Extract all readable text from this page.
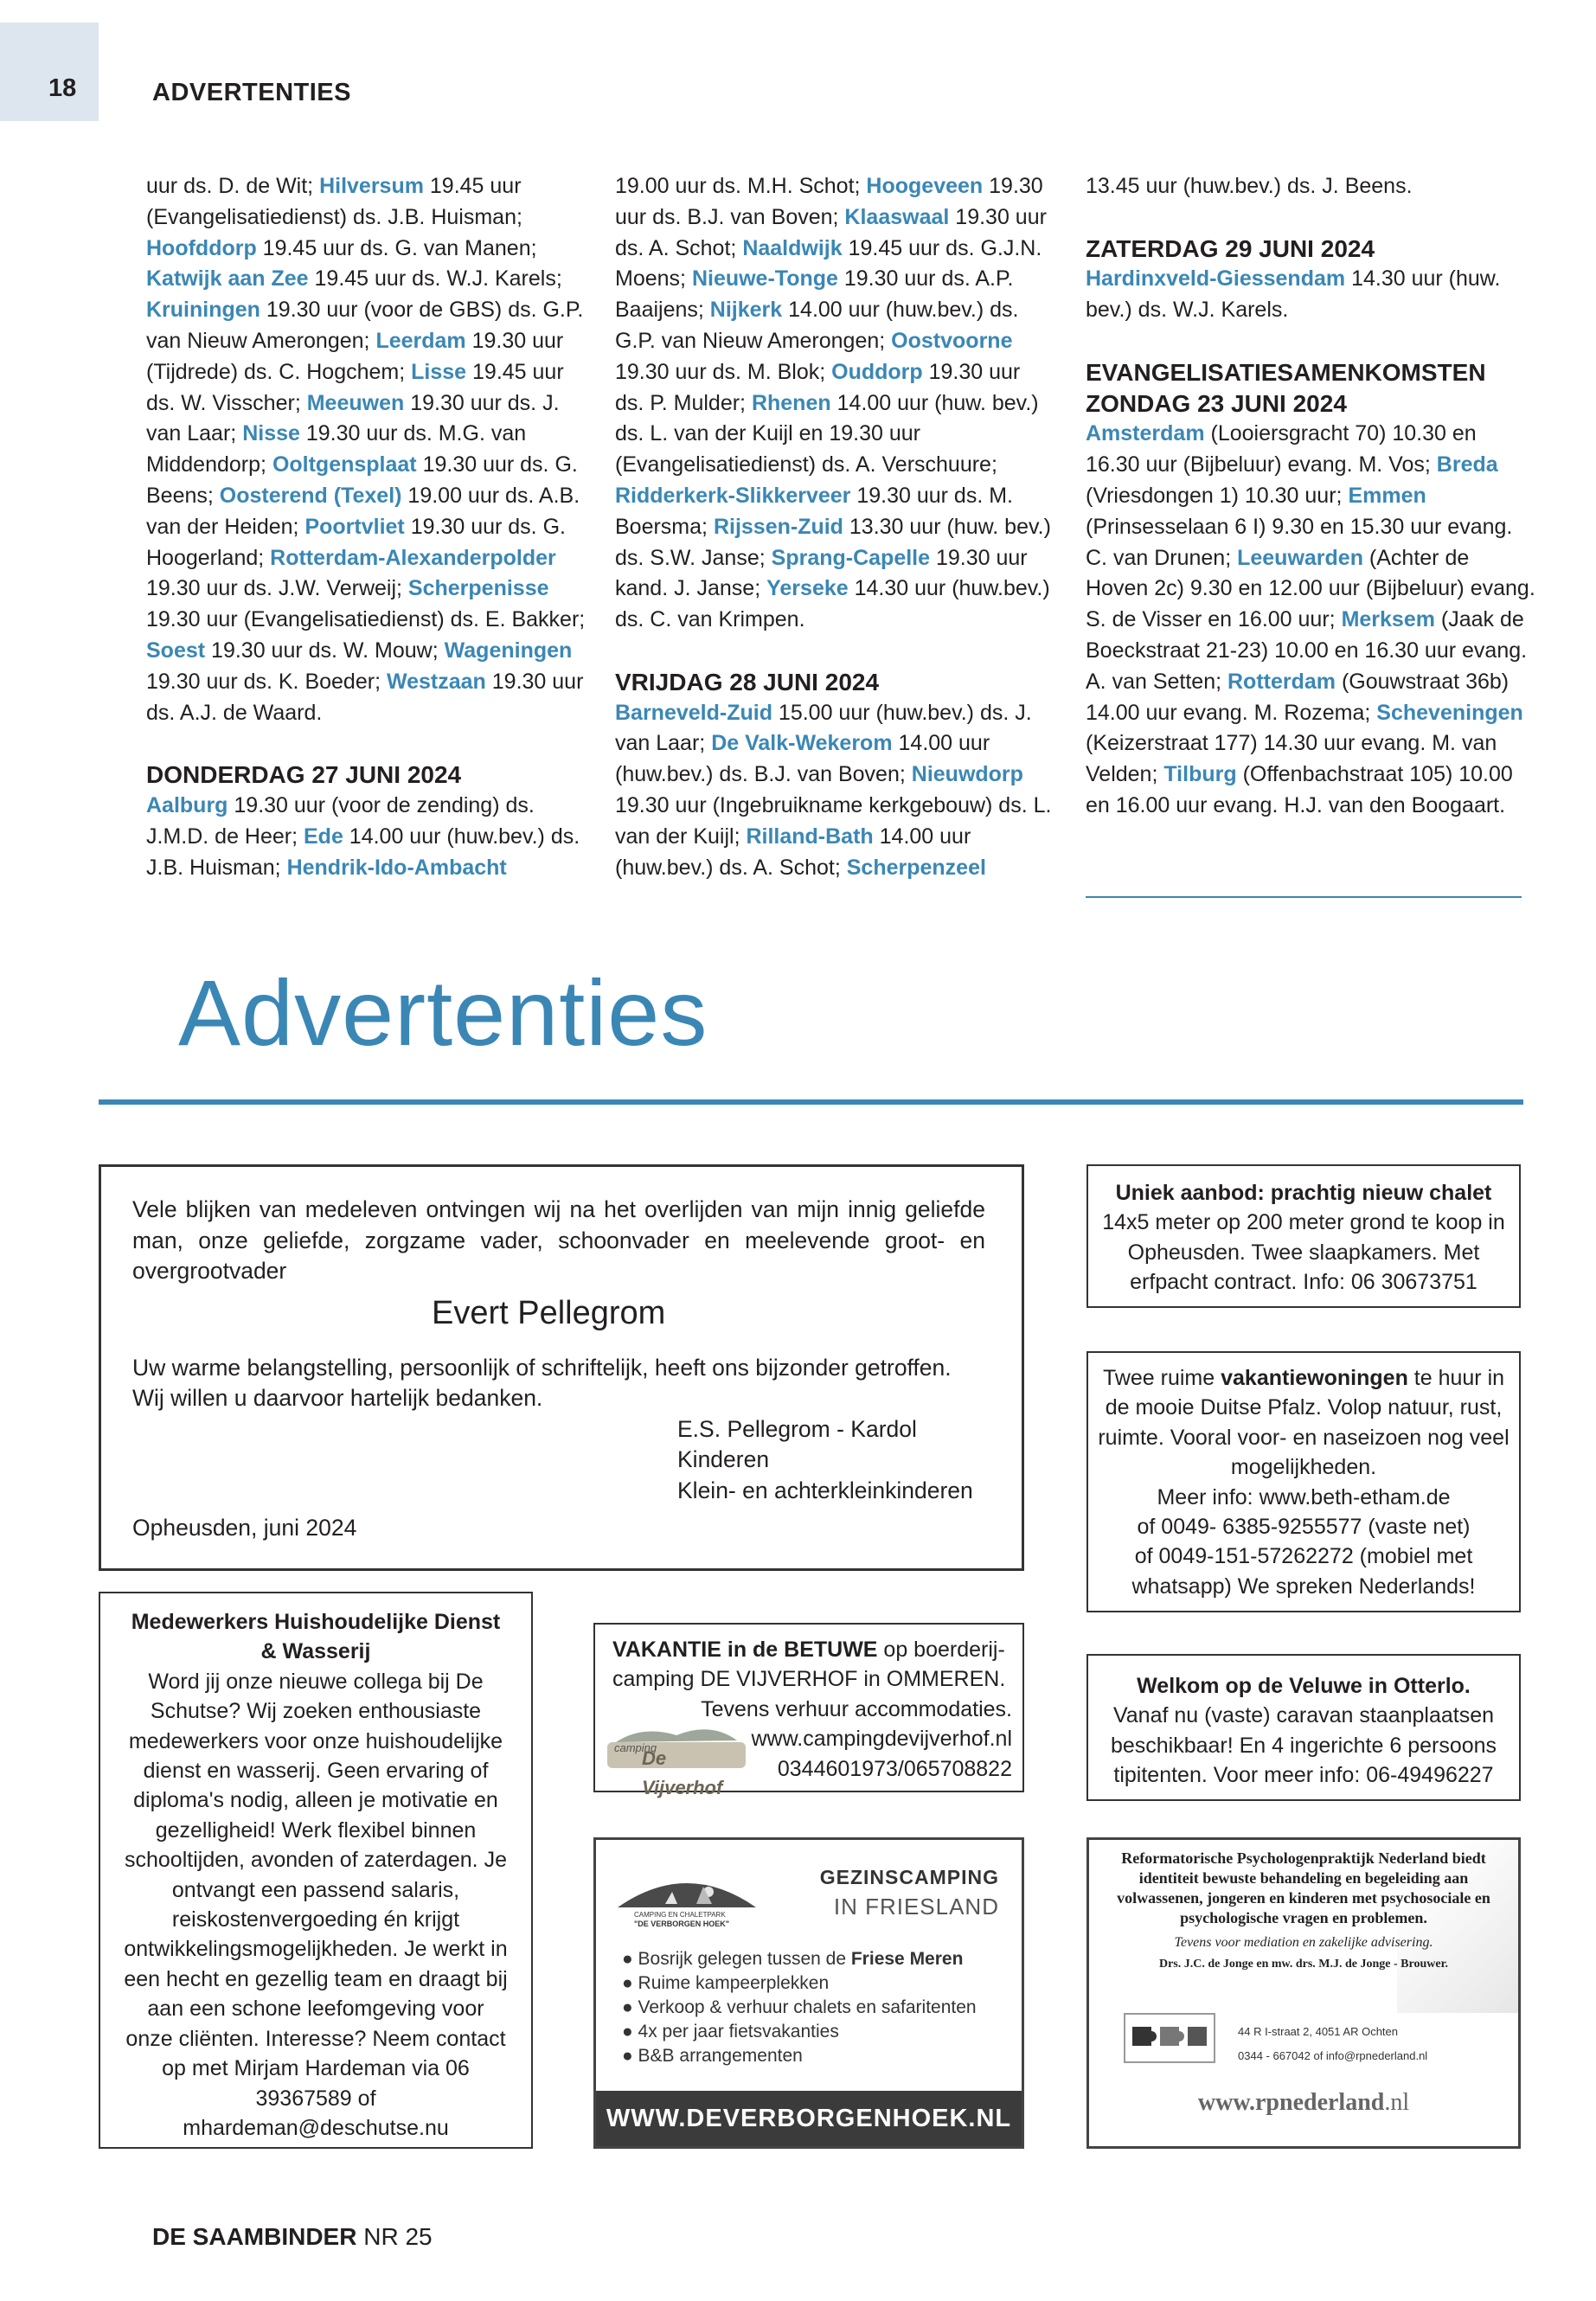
18	ADVERTENTIES
uur ds. D. de Wit; Hilversum 19.45 uur (Evangelisatiedienst) ds. J.B. Huisman; Hoofddorp 19.45 uur ds. G. van Manen; Katwijk aan Zee 19.45 uur ds. W.J. Karels; Kruiningen 19.30 uur (voor de GBS) ds. G.P. van Nieuw Amerongen; Leerdam 19.30 uur (Tijdrede) ds. C. Hogchem; Lisse 19.45 uur ds. W. Visscher; Meeuwen 19.30 uur ds. J. van Laar; Nisse 19.30 uur ds. M.G. van Middendorp; Ooltgensplaat 19.30 uur ds. G. Beens; Oosterend (Texel) 19.00 uur ds. A.B. van der Heiden; Poortvliet 19.30 uur ds. G. Hoogerland; Rotterdam-Alexanderpolder 19.30 uur ds. J.W. Verweij; Scherpenisse 19.30 uur (Evangelisatiedienst) ds. E. Bakker; Soest 19.30 uur ds. W. Mouw; Wageningen 19.30 uur ds. K. Boeder; Westzaan 19.30 uur ds. A.J. de Waard.
DONDERDAG 27 JUNI 2024
Aalburg 19.30 uur (voor de zending) ds. J.M.D. de Heer; Ede 14.00 uur (huw.bev.) ds. J.B. Huisman; Hendrik-Ido-Ambacht
19.00 uur ds. M.H. Schot; Hoogeveen 19.30 uur ds. B.J. van Boven; Klaaswaal 19.30 uur ds. A. Schot; Naaldwijk 19.45 uur ds. G.J.N. Moens; Nieuwe-Tonge 19.30 uur ds. A.P. Baaijens; Nijkerk 14.00 uur (huw.bev.) ds. G.P. van Nieuw Amerongen; Oostvoorne 19.30 uur ds. M. Blok; Ouddorp 19.30 uur ds. P. Mulder; Rhenen 14.00 uur (huw. bev.) ds. L. van der Kuijl en 19.30 uur (Evangelisatiedienst) ds. A. Verschuure; Ridderkerk-Slikkerveer 19.30 uur ds. M. Boersma; Rijssen-Zuid 13.30 uur (huw. bev.) ds. S.W. Janse; Sprang-Capelle 19.30 uur kand. J. Janse; Yerseke 14.30 uur (huw.bev.) ds. C. van Krimpen.
VRIJDAG 28 JUNI 2024
Barneveld-Zuid 15.00 uur (huw.bev.) ds. J. van Laar; De Valk-Wekerom 14.00 uur (huw.bev.) ds. B.J. van Boven; Nieuwdorp 19.30 uur (Ingebruikname kerkgebouw) ds. L. van der Kuijl; Rilland-Bath 14.00 uur (huw.bev.) ds. A. Schot; Scherpenzeel
13.45 uur (huw.bev.) ds. J. Beens.
ZATERDAG 29 JUNI 2024
Hardinxveld-Giessendam 14.30 uur (huw. bev.) ds. W.J. Karels.
EVANGELISATIESAMENKOMSTEN
ZONDAG 23 JUNI 2024
Amsterdam (Looiersgracht 70) 10.30 en 16.30 uur (Bijbeluur) evang. M. Vos; Breda (Vriesdongen 1) 10.30 uur; Emmen (Prinsesselaan 6 I) 9.30 en 15.30 uur evang. C. van Drunen; Leeuwarden (Achter de Hoven 2c) 9.30 en 12.00 uur (Bijbeluur) evang. S. de Visser en 16.00 uur; Merksem (Jaak de Boeckstraat 21-23) 10.00 en 16.30 uur evang. A. van Setten; Rotterdam (Gouwstraat 36b) 14.00 uur evang. M. Rozema; Scheveningen (Keizerstraat 177) 14.30 uur evang. M. van Velden; Tilburg (Offenbachstraat 105) 10.00 en 16.00 uur evang. H.J. van den Boogaart.
Advertenties
Vele blijken van medeleven ontvingen wij na het overlijden van mijn innig geliefde man, onze geliefde, zorgzame vader, schoonvader en meelevende groot- en overgrootvader
Evert Pellegrom
Uw warme belangstelling, persoonlijk of schriftelijk, heeft ons bijzonder getroffen. Wij willen u daarvoor hartelijk bedanken.
E.S. Pellegrom - Kardol
Kinderen
Klein- en achterkleinkinderen
Opheusden, juni 2024
Uniek aanbod: prachtig nieuw chalet
14x5 meter op 200 meter grond te koop in Opheusden. Twee slaapkamers. Met erfpacht contract. Info: 06 30673751
Twee ruime vakantiewoningen te huur in de mooie Duitse Pfalz. Volop natuur, rust, ruimte. Vooral voor- en naseizoen nog veel mogelijkheden.
Meer info: www.beth-etham.de
of 0049- 6385-9255577 (vaste net)
of 0049-151-57262272 (mobiel met whatsapp) We spreken Nederlands!
Medewerkers Huishoudelijke Dienst & Wasserij
Word jij onze nieuwe collega bij De Schutse? Wij zoeken enthousiaste medewerkers voor onze huishoudelijke dienst en wasserij. Geen ervaring of diploma's nodig, alleen je motivatie en gezelligheid! Werk flexibel binnen schooltijden, avonden of zaterdagen. Je ontvangt een passend salaris, reiskostenvergoeding én krijgt ontwikkelingsmogelijkheden. Je werkt in een hecht en gezellig team en draagt bij aan een schone leefomgeving voor onze cliënten. Interesse? Neem contact op met Mirjam Hardeman via 06 39367589 of mhardeman@deschutse.nu
VAKANTIE in de BETUWE op boerderij-camping DE VIJVERHOF in OMMEREN.
Tevens verhuur accommodaties.
www.campingdevijverhof.nl
0344601973/065708822
camping
De Vijverhof
Welkom op de Veluwe in Otterlo.
Vanaf nu (vaste) caravan staanplaatsen beschikbaar! En 4 ingerichte 6 persoons tipitenten. Voor meer info: 06-49496227
CAMPING EN CHALETPARK
"DE VERBORGEN HOEK"
GEZINSCAMPING
IN FRIESLAND
● Bosrijk gelegen tussen de Friese Meren
● Ruime kampeerplekken
● Verkoop & verhuur chalets en safaritenten
● 4x per jaar fietsvakanties
● B&B arrangementen
WWW.DEVERBORGENHOEK.NL
Reformatorische Psychologenpraktijk Nederland biedt identiteit bewuste behandeling en begeleiding aan volwassenen, jongeren en kinderen met psychosociale en psychologische vragen en problemen.
Tevens voor mediation en zakelijke advisering.
Drs. J.C. de Jonge en mw. drs. M.J. de Jonge - Brouwer.
44 R I-straat 2, 4051 AR Ochten
0344 - 667042 of info@rpnederland.nl
www.rpnederland.nl
DE SAAMBINDER NR 25
